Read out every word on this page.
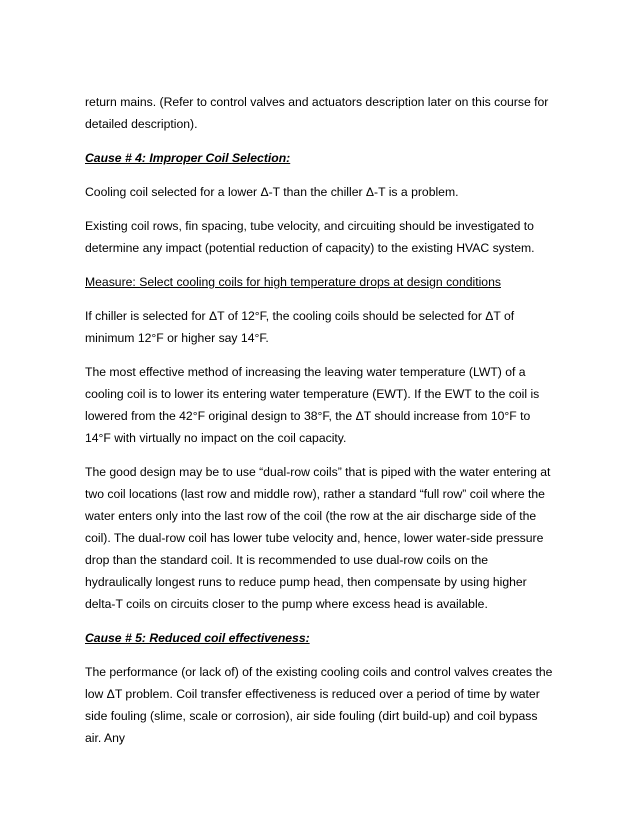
return mains. (Refer to control valves and actuators description later on this course for detailed description).

Cause # 4: Improper Coil Selection:

Cooling coil selected for a lower Δ-T than the chiller Δ-T is a problem.

Existing coil rows, fin spacing, tube velocity, and circuiting should be investigated to determine any impact (potential reduction of capacity) to the existing HVAC system.

Measure: Select cooling coils for high temperature drops at design conditions

If chiller is selected for ΔT of 12°F, the cooling coils should be selected for ΔT of minimum 12°F or higher say 14°F.

The most effective method of increasing the leaving water temperature (LWT) of a cooling coil is to lower its entering water temperature (EWT). If the EWT to the coil is lowered from the 42°F original design to 38°F, the ΔT should increase from 10°F to 14°F with virtually no impact on the coil capacity.

The good design may be to use “dual-row coils” that is piped with the water entering at two coil locations (last row and middle row), rather a standard “full row” coil where the water enters only into the last row of the coil (the row at the air discharge side of the coil). The dual-row coil has lower tube velocity and, hence, lower water-side pressure drop than the standard coil. It is recommended to use dual-row coils on the hydraulically longest runs to reduce pump head, then compensate by using higher delta-T coils on circuits closer to the pump where excess head is available.

Cause # 5: Reduced coil effectiveness:

The performance (or lack of) of the existing cooling coils and control valves creates the low ΔT problem. Coil transfer effectiveness is reduced over a period of time by water side fouling (slime, scale or corrosion), air side fouling (dirt build-up) and coil bypass air. Any
